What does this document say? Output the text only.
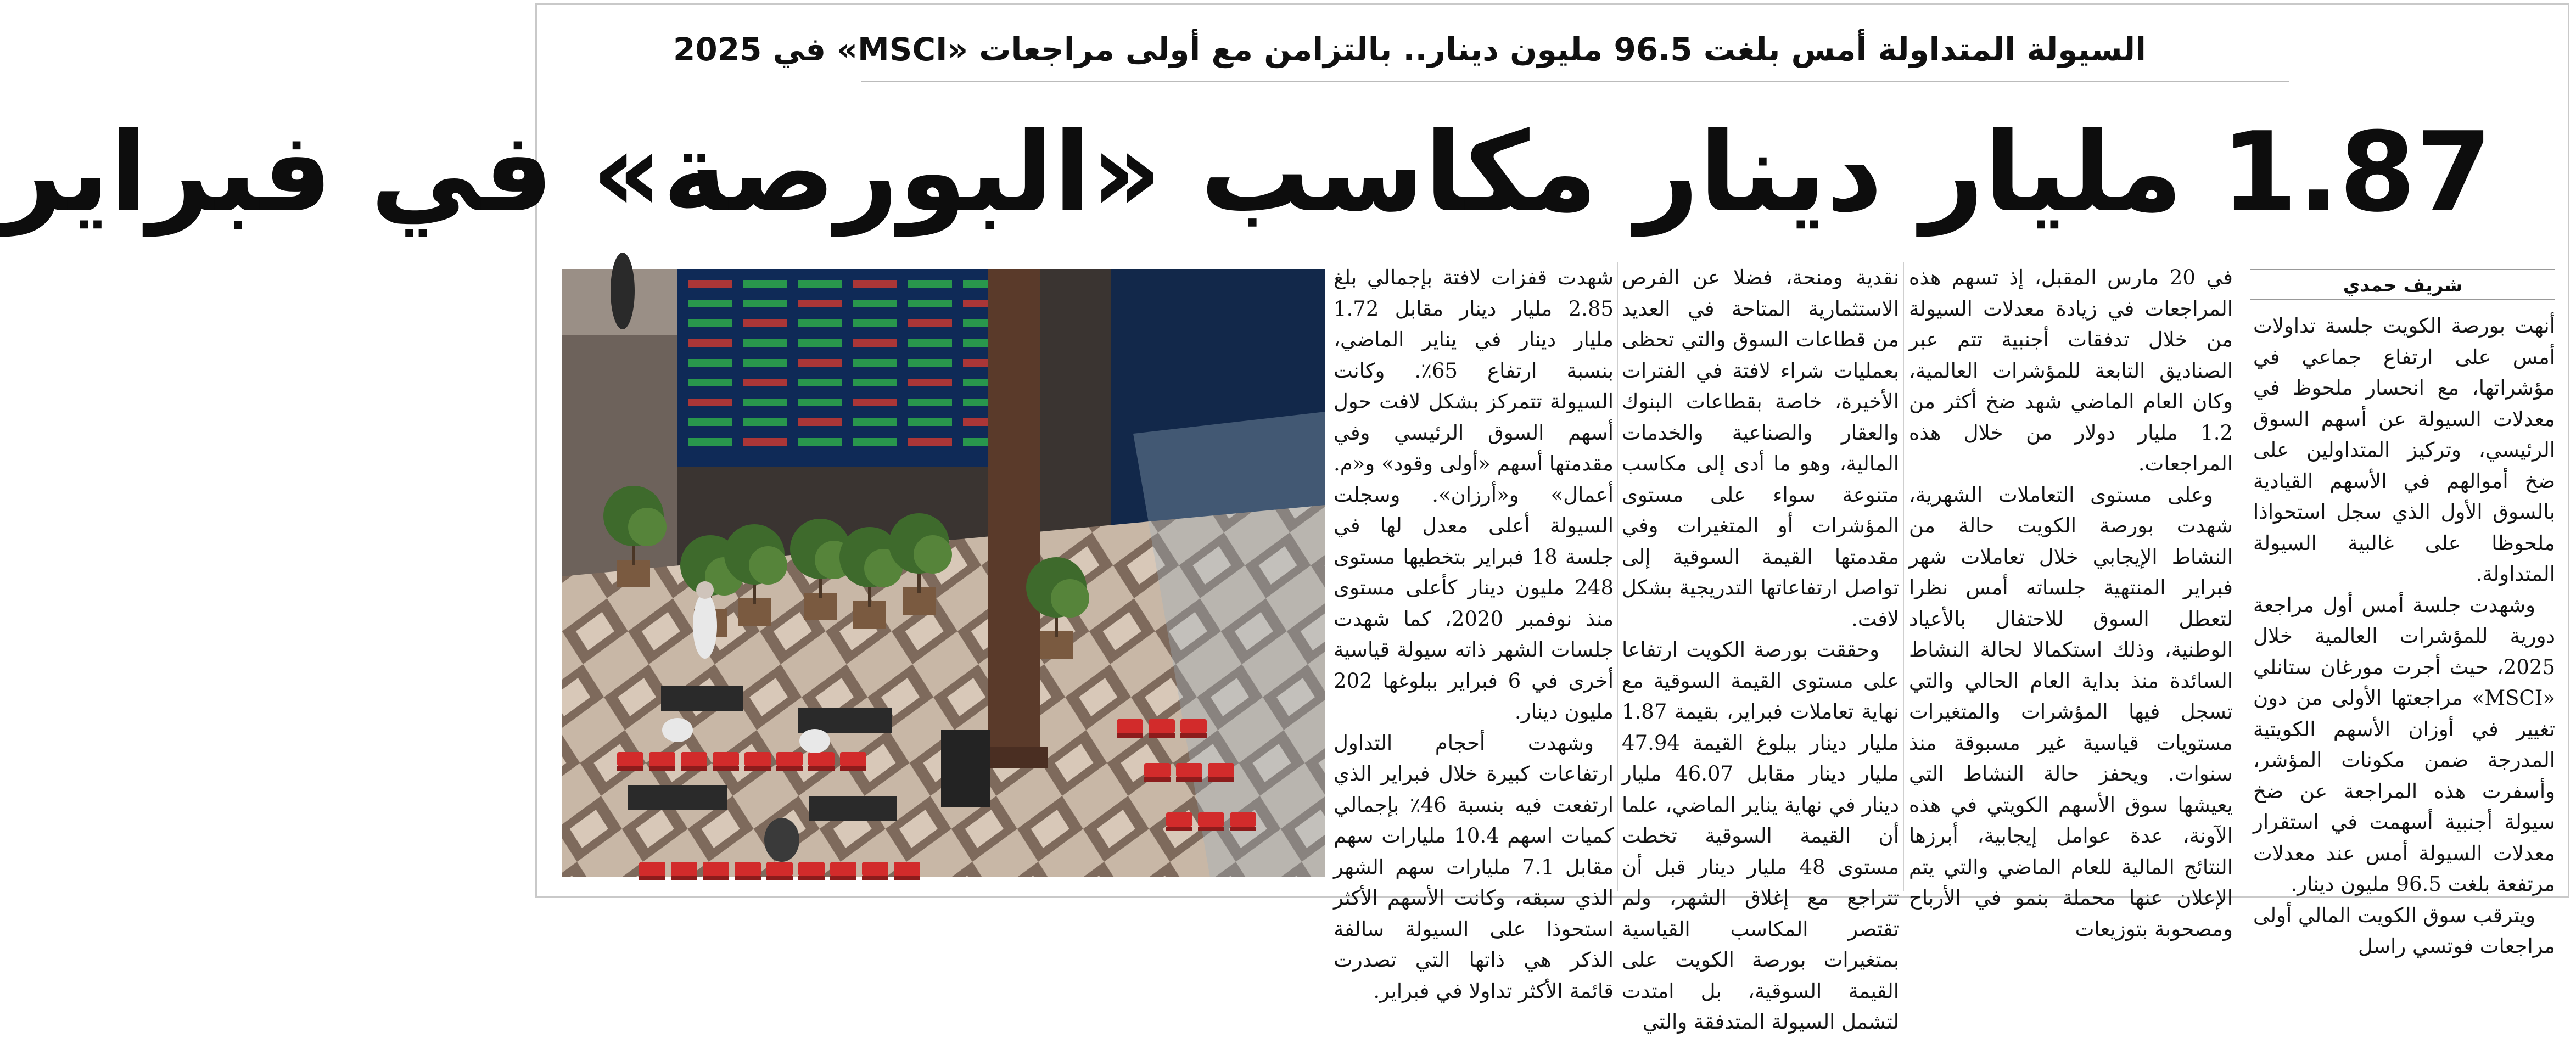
السيولة المتداولة أمس بلغت 96.5 مليون دينار.. بالتزامن مع أولى مراجعات «MSCI» في 2025
1.87 مليار دينار مكاسب «البورصة» في فبراير
شريف حمدي

أنهت بورصة الكويت جلسة تداولات أمس على ارتفاع جماعي في مؤشراتها، مع انحسار ملحوظ في معدلات السيولة عن أسهم السوق الرئيسي، وتركيز المتداولين على ضخ أموالهم في الأسهم القيادية بالسوق الأول الذي سجل استحواذا ملحوظا على غالبية السيولة المتداولة.

وشهدت جلسة أمس أول مراجعة دورية للمؤشرات العالمية خلال 2025، حيث أجرت مورغان ستانلي «MSCI» مراجعتها الأولى من دون تغيير في أوزان الأسهم الكويتية المدرجة ضمن مكونات المؤشر، وأسفرت هذه المراجعة عن ضخ سيولة أجنبية أسهمت في استقرار معدلات السيولة أمس عند معدلات مرتفعة بلغت 96.5 مليون دينار.

ويترقب سوق الكويت المالي أولى مراجعات فوتسي راسل

في 20 مارس المقبل، إذ تسهم هذه المراجعات في زيادة معدلات السيولة من خلال تدفقات أجنبية تتم عبر الصناديق التابعة للمؤشرات العالمية، وكان العام الماضي شهد ضخ أكثر من 1.2 مليار دولار من خلال هذه المراجعات.

وعلى مستوى التعاملات الشهرية، شهدت بورصة الكويت حالة من النشاط الإيجابي خلال تعاملات شهر فبراير المنتهية جلساته أمس نظرا لتعطل السوق للاحتفال بالأعياد الوطنية، وذلك استكمالا لحالة النشاط السائدة منذ بداية العام الحالي والتي تسجل فيها المؤشرات والمتغيرات مستويات قياسية غير مسبوقة منذ سنوات. ويحفز حالة النشاط التي يعيشها سوق الأسهم الكويتي في هذه الآونة، عدة عوامل إيجابية، أبرزها النتائج المالية للعام الماضي والتي يتم الإعلان عنها محملة بنمو في الأرباح ومصحوبة بتوزيعات

نقدية ومنحة، فضلا عن الفرص الاستثمارية المتاحة في العديد من قطاعات السوق والتي تحظى بعمليات شراء لافتة في الفترات الأخيرة، خاصة بقطاعات البنوك والعقار والصناعية والخدمات المالية، وهو ما أدى إلى مكاسب متنوعة سواء على مستوى المؤشرات أو المتغيرات وفي مقدمتها القيمة السوقية إلى تواصل ارتفاعاتها التدريجية بشكل لافت.

وحققت بورصة الكويت ارتفاعا على مستوى القيمة السوقية مع نهاية تعاملات فبراير، بقيمة 1.87 مليار دينار ببلوغ القيمة 47.94 مليار دينار مقابل 46.07 مليار دينار في نهاية يناير الماضي، علما أن القيمة السوقية تخطت مستوى 48 مليار دينار قبل أن تتراجع مع إغلاق الشهر، ولم تقتصر المكاسب القياسية بمتغيرات بورصة الكويت على القيمة السوقية، بل امتدت لتشمل السيولة المتدفقة والتي

شهدت قفزات لافتة بإجمالي بلغ 2.85 مليار دينار مقابل 1.72 مليار دينار في يناير الماضي، بنسبة ارتفاع 65٪. وكانت السيولة تتمركز بشكل لافت حول أسهم السوق الرئيسي وفي مقدمتها أسهم «أولى وقود» و«م. أعمال» و«أرزان». وسجلت السيولة أعلى معدل لها في جلسة 18 فبراير بتخطيها مستوى 248 مليون دينار كأعلى مستوى منذ نوفمبر 2020، كما شهدت جلسات الشهر ذاته سيولة قياسية أخرى في 6 فبراير ببلوغها 202 مليون دينار.

وشهدت أحجام التداول ارتفاعات كبيرة خلال فبراير الذي ارتفعت فيه بنسبة 46٪ بإجمالي كميات اسهم 10.4 مليارات سهم مقابل 7.1 مليارات سهم الشهر الذي سبقه، وكانت الأسهم الأكثر استحوذا على السيولة سالفة الذكر هي ذاتها التي تصدرت قائمة الأكثر تداولا في فبراير.
